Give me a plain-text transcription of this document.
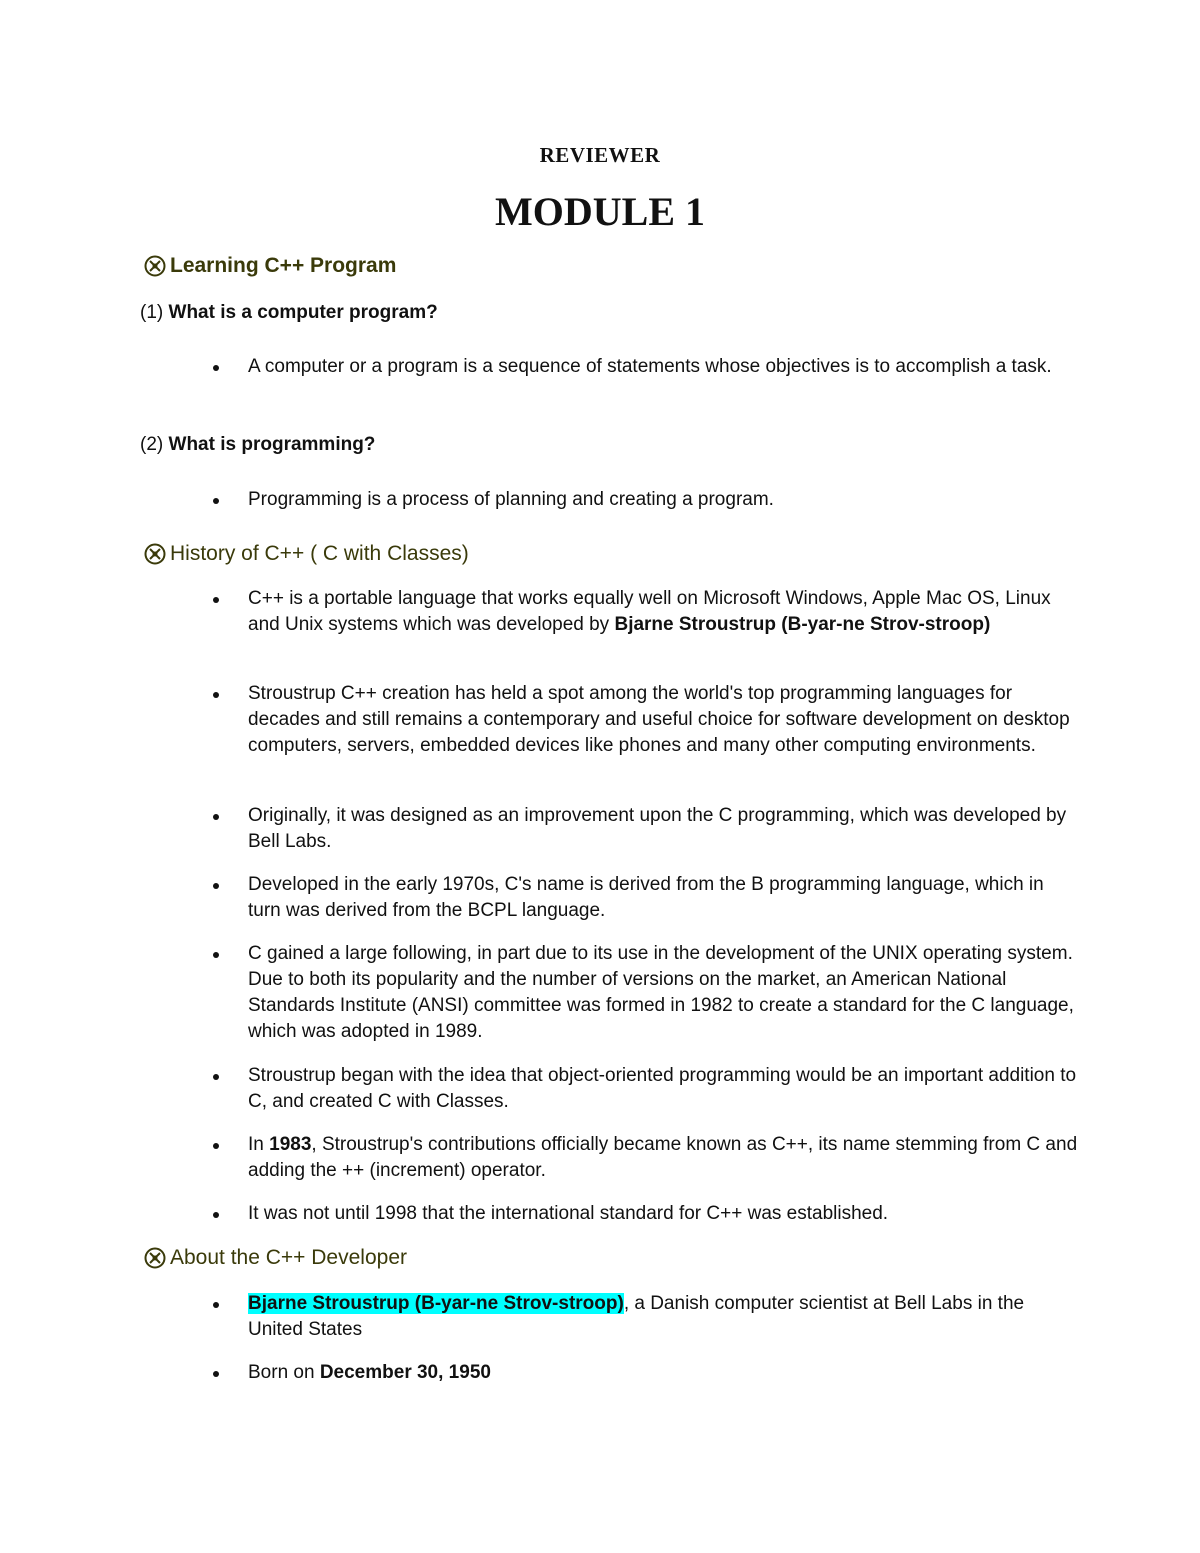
REVIEWER
MODULE 1
Learning C++ Program
(1) What is a computer program?
A computer or a program is a sequence of statements whose objectives is to accomplish a task.
(2) What is programming?
Programming is a process of planning and creating a program.
History of C++ ( C with Classes)
C++ is a portable language that works equally well on Microsoft Windows, Apple Mac OS, Linux and Unix systems which was developed by Bjarne Stroustrup (B-yar-ne Strov-stroop)
Stroustrup C++ creation has held a spot among the world's top programming languages for decades and still remains a contemporary and useful choice for software development on desktop computers, servers, embedded devices like phones and many other computing environments.
Originally, it was designed as an improvement upon the C programming, which was developed by Bell Labs.
Developed in the early 1970s, C's name is derived from the B programming language, which in turn was derived from the BCPL language.
C gained a large following, in part due to its use in the development of the UNIX operating system. Due to both its popularity and the number of versions on the market, an American National Standards Institute (ANSI) committee was formed in 1982 to create a standard for the C language, which was adopted in 1989.
Stroustrup began with the idea that object-oriented programming would be an important addition to C, and created C with Classes.
In 1983, Stroustrup's contributions officially became known as C++, its name stemming from C and adding the ++ (increment) operator.
It was not until 1998 that the international standard for C++ was established.
About the C++ Developer
Bjarne Stroustrup (B-yar-ne Strov-stroop), a Danish computer scientist at Bell Labs in the United States
Born on December 30, 1950
